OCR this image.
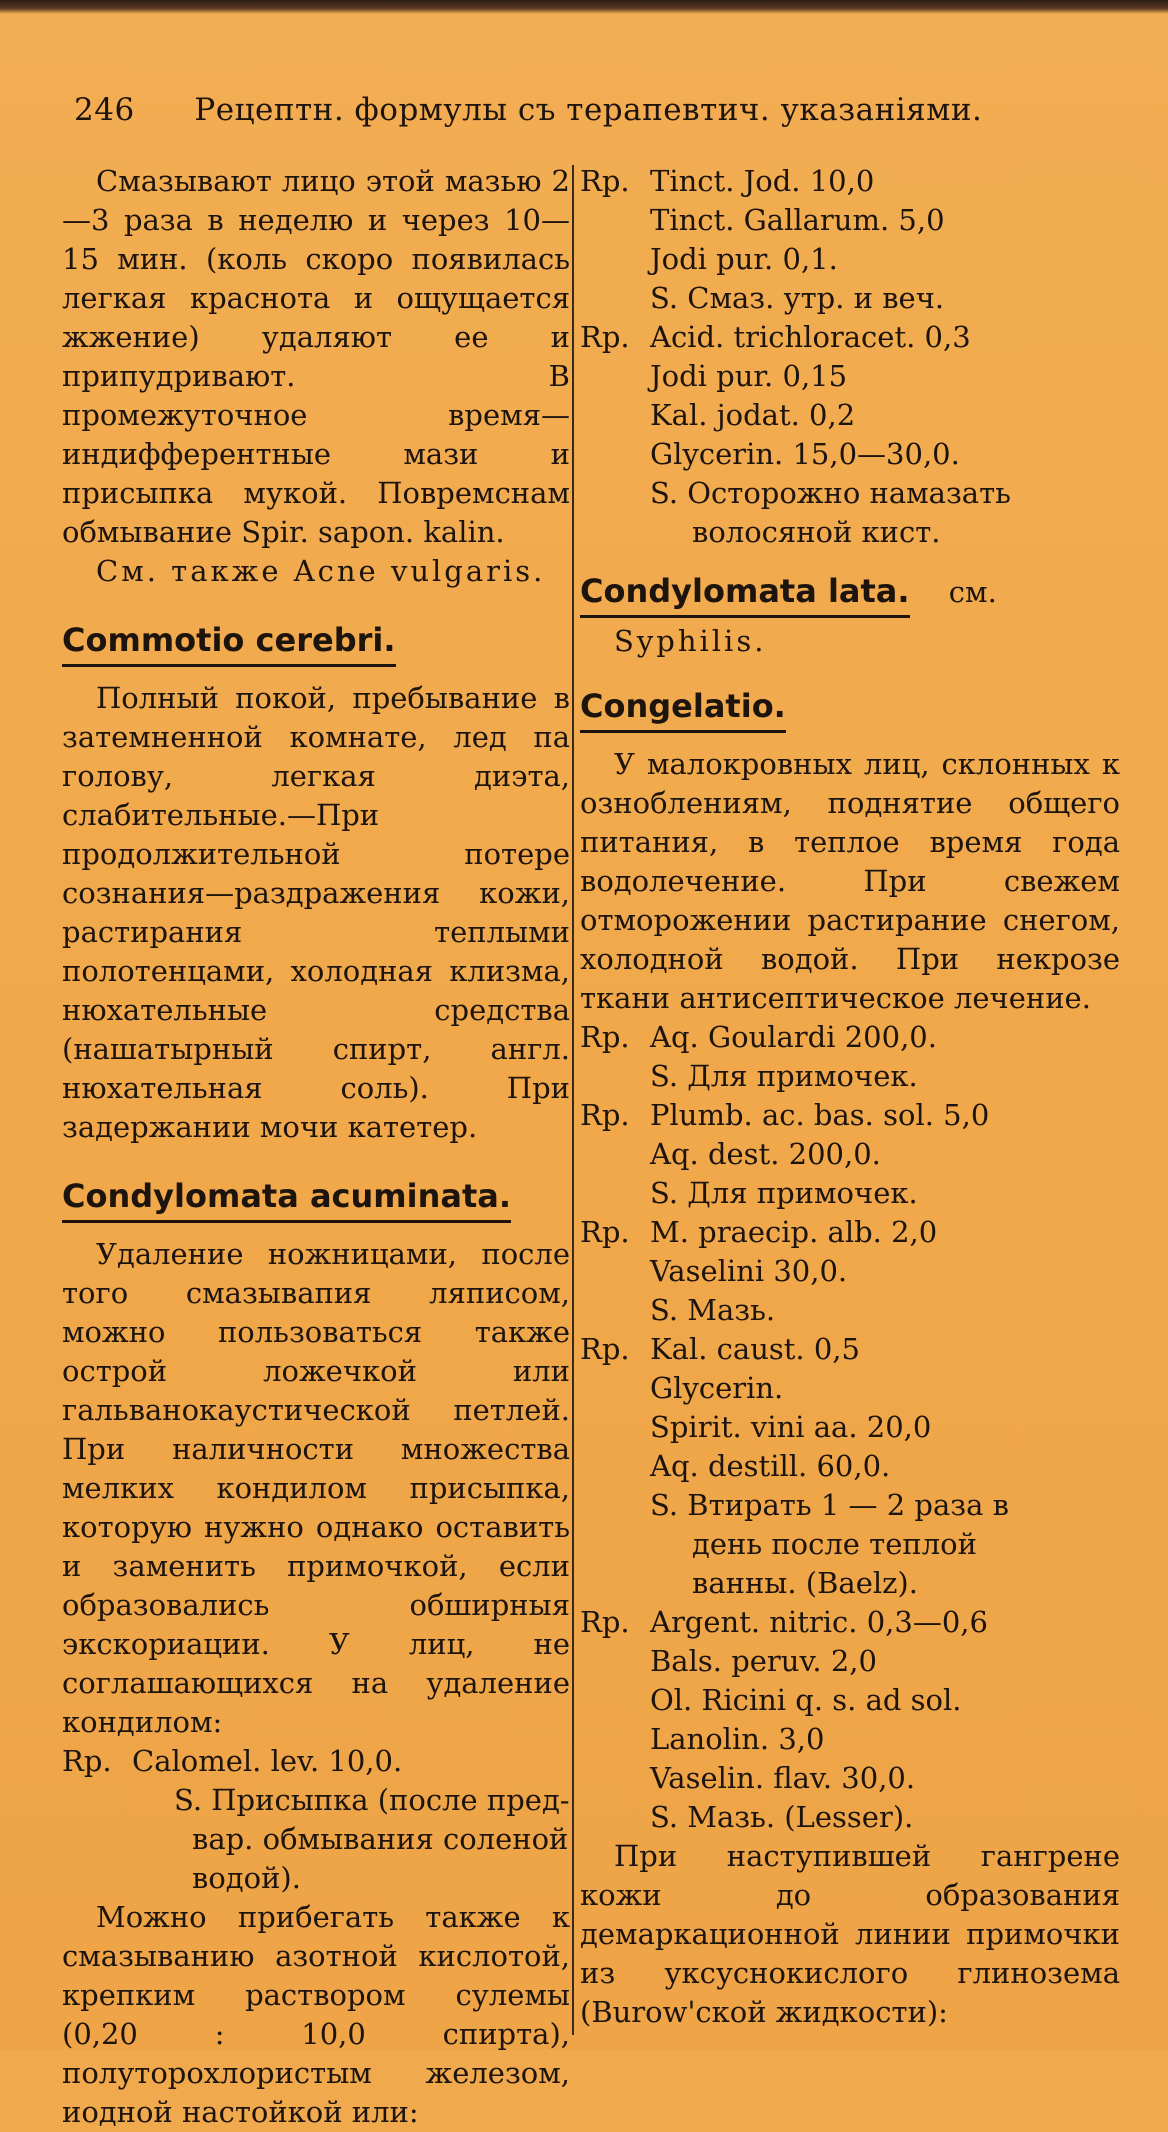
246 Рецептн. формулы съ терапевтич. указаніями.

Смазывают лицо этой мазью 2—3 раза в неделю и через 10—15 мин. (коль скоро появилась легкая краснота и ощущается жжение) удаляют ее и припудривают. В промежуточное время—индифферентные мази и присыпка мукой. Повремснам обмывание Spir. sapon. kalin.

См. также Acne vulgaris.

Commotio cerebri.

Полный покой, пребывание в затемненной комнате, лед па голову, легкая диэта, слабительные.—При продолжительной потере сознания—раздражения кожи, растирания теплыми полотенцами, холодная клизма, нюхательные средства (нашатырный спирт, англ. нюхательная соль). При задержании мочи катетер.

Condylomata acuminata.

Удаление ножницами, после того смазывапия ляписом, можно пользоваться также острой ложечкой или гальванокаустической петлей. При наличности множества мелких кондилом присыпка, которую нужно однако оставить и заменить примочкой, если образовались обширныя экскориации. У лиц, не соглашающихся на удаление кондилом:

Rp. Calomel. lev. 10,0.
S. Присыпка (после пред-
вар. обмывания соленой
водой).

Можно прибегать также к смазыванию азотной кислотой, крепким раствором сулемы (0,20 : 10,0 спирта), полуторохлористым железом, иодной настойкой или:

Rp. Tinct. Jod. 10,0
Tinct. Gallarum. 5,0
Jodi pur. 0,1.
S. Смаз. утр. и веч.
Rp. Acid. trichloracet. 0,3
Jodi pur. 0,15
Kal. jodat. 0,2
Glycerin. 15,0—30,0.
S. Осторожно намазать
волосяной кист.
Condylomata lata. см.

Syphilis.

Congelatio.

У малокровных лиц, склонных к озноблениям, поднятие общего питания, в теплое время года водолечение. При свежем отморожении растирание снегом, холодной водой. При некрозе ткани антисептическое лечение.

Rp. Aq. Goulardi 200,0.
S. Для примочек.
Rp. Plumb. ac. bas. sol. 5,0
Aq. dest. 200,0.
S. Для примочек.
Rp. M. praecip. alb. 2,0
Vaselini 30,0.
S. Мазь.
Rp. Kal. caust. 0,5
Glycerin.
Spirit. vini aa. 20,0
Aq. destill. 60,0.
S. Втирать 1 — 2 раза в
день после теплой
ванны. (Baelz).
Rp. Argent. nitric. 0,3—0,6
Bals. peruv. 2,0
Ol. Ricini q. s. ad sol.
Lanolin. 3,0
Vaselin. flav. 30,0.
S. Мазь. (Lesser).

При наступившей гангрене кожи до образования демаркационной линии примочки из уксуснокислого глинозема (Burow'ской жидкости):
